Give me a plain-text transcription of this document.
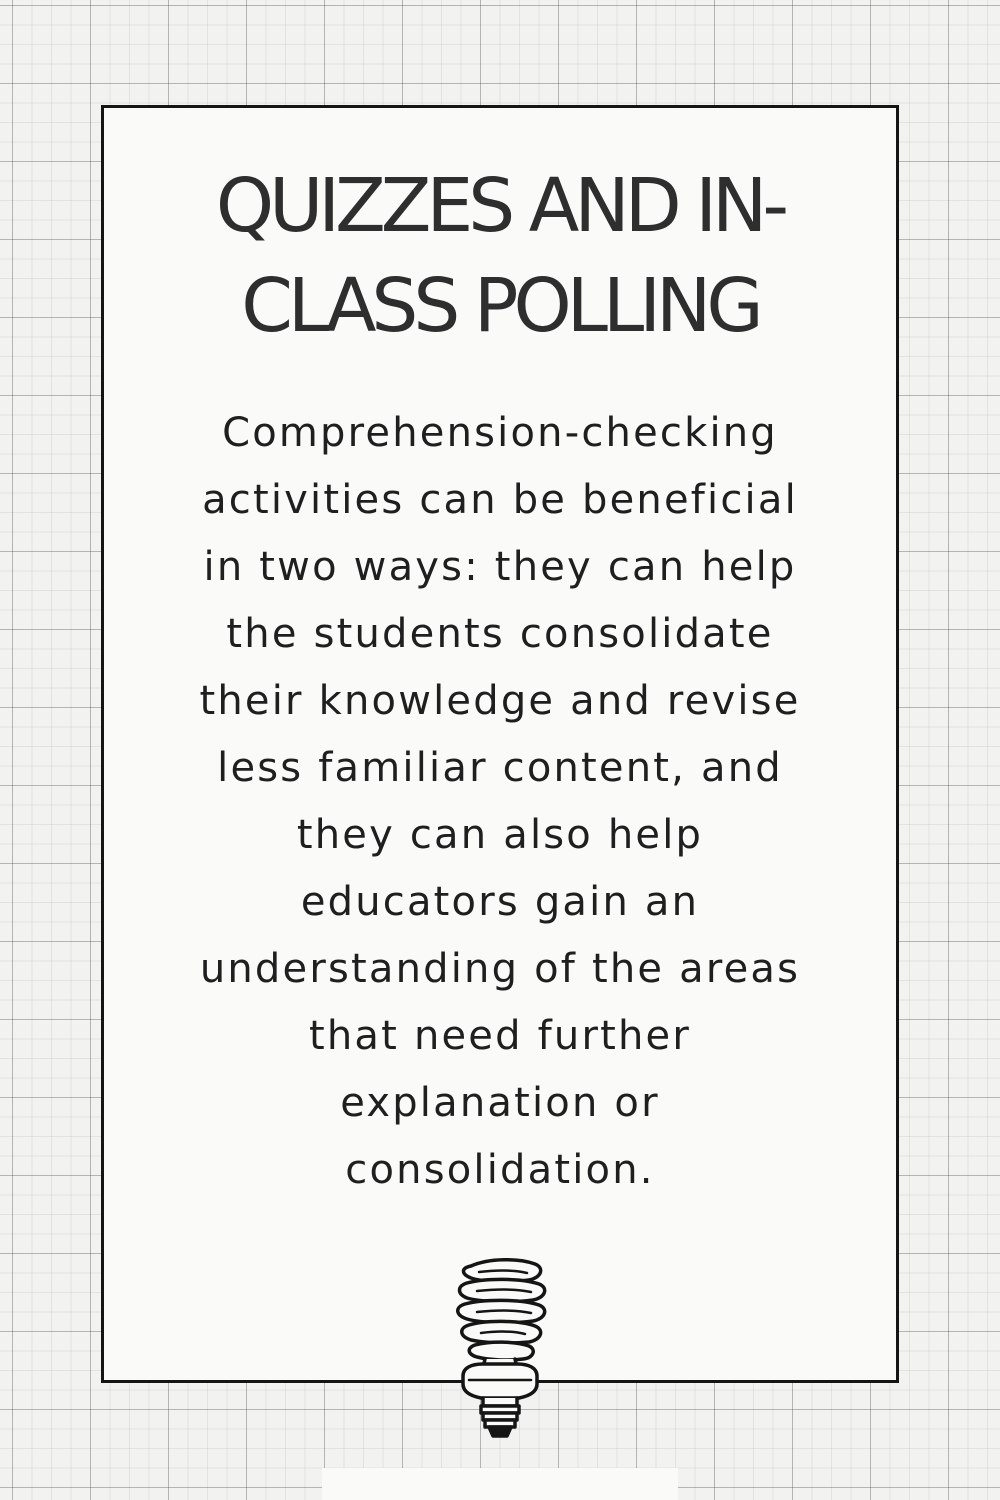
QUIZZES AND IN-
CLASS POLLING

Comprehension-checking
activities can be beneficial
in two ways: they can help
the students consolidate
their knowledge and revise
less familiar content, and
they can also help
educators gain an
understanding of the areas
that need further
explanation or
consolidation.
